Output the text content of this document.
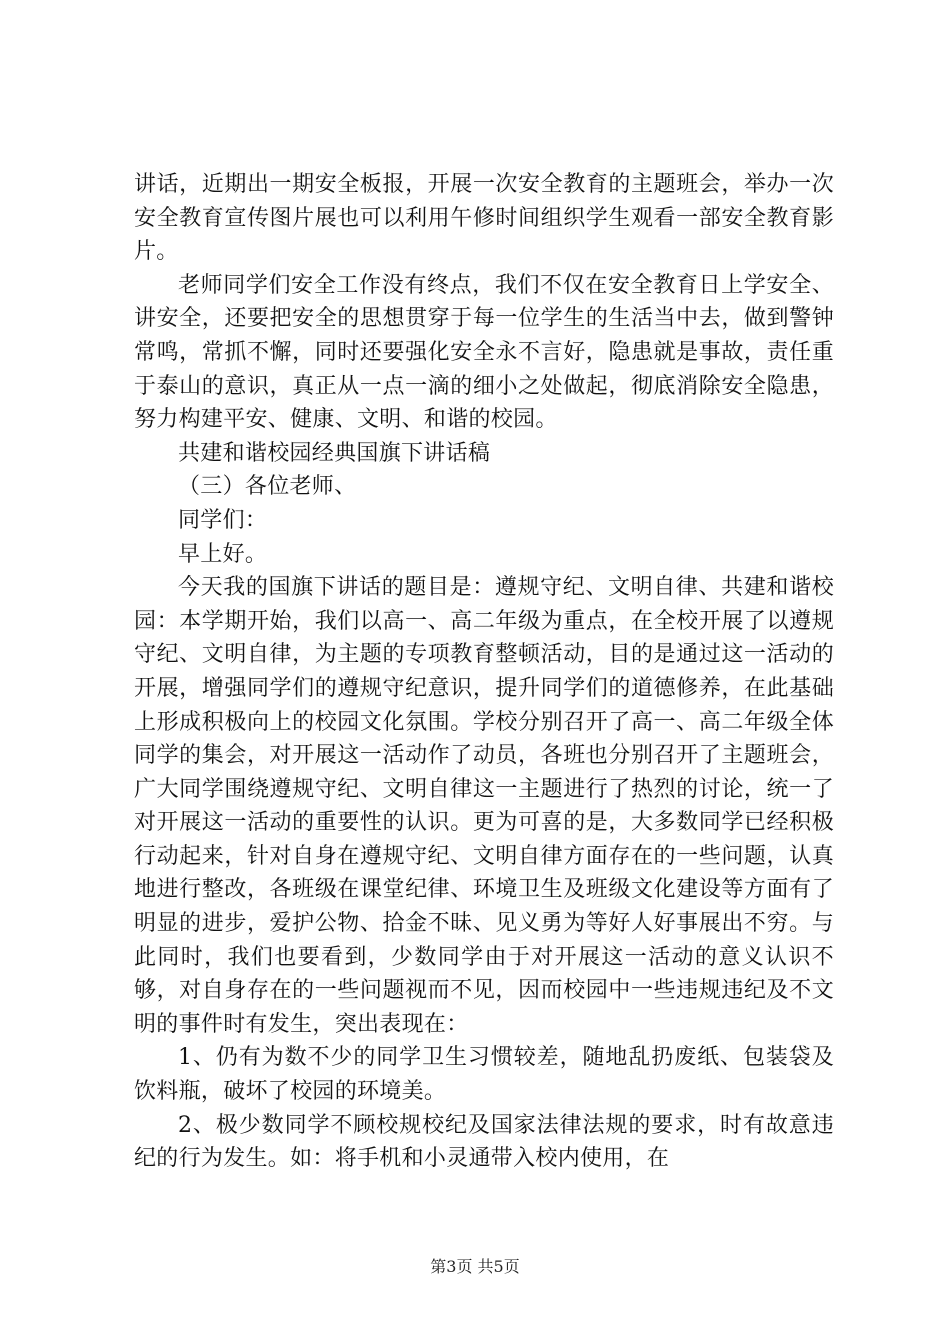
讲话，近期出一期安全板报，开展一次安全教育的主题班会，举办一次安全教育宣传图片展也可以利用午修时间组织学生观看一部安全教育影片。

老师同学们安全工作没有终点，我们不仅在安全教育日上学安全、讲安全，还要把安全的思想贯穿于每一位学生的生活当中去，做到警钟常鸣，常抓不懈，同时还要强化安全永不言好，隐患就是事故，责任重于泰山的意识，真正从一点一滴的细小之处做起，彻底消除安全隐患，努力构建平安、健康、文明、和谐的校园。

共建和谐校园经典国旗下讲话稿

（三）各位老师、

同学们：

早上好。

今天我的国旗下讲话的题目是：遵规守纪、文明自律、共建和谐校园：本学期开始，我们以高一、高二年级为重点，在全校开展了以遵规守纪、文明自律，为主题的专项教育整顿活动，目的是通过这一活动的开展，增强同学们的遵规守纪意识，提升同学们的道德修养，在此基础上形成积极向上的校园文化氛围。学校分别召开了高一、高二年级全体同学的集会，对开展这一活动作了动员，各班也分别召开了主题班会，广大同学围绕遵规守纪、文明自律这一主题进行了热烈的讨论，统一了对开展这一活动的重要性的认识。更为可喜的是，大多数同学已经积极行动起来，针对自身在遵规守纪、文明自律方面存在的一些问题，认真地进行整改，各班级在课堂纪律、环境卫生及班级文化建设等方面有了明显的进步，爱护公物、拾金不昧、见义勇为等好人好事展出不穷。与此同时，我们也要看到，少数同学由于对开展这一活动的意义认识不够，对自身存在的一些问题视而不见，因而校园中一些违规违纪及不文明的事件时有发生，突出表现在：

1、仍有为数不少的同学卫生习惯较差，随地乱扔废纸、包装袋及饮料瓶，破坏了校园的环境美。

2、极少数同学不顾校规校纪及国家法律法规的要求，时有故意违纪的行为发生。如：将手机和小灵通带入校内使用，在

第3页 共5页
